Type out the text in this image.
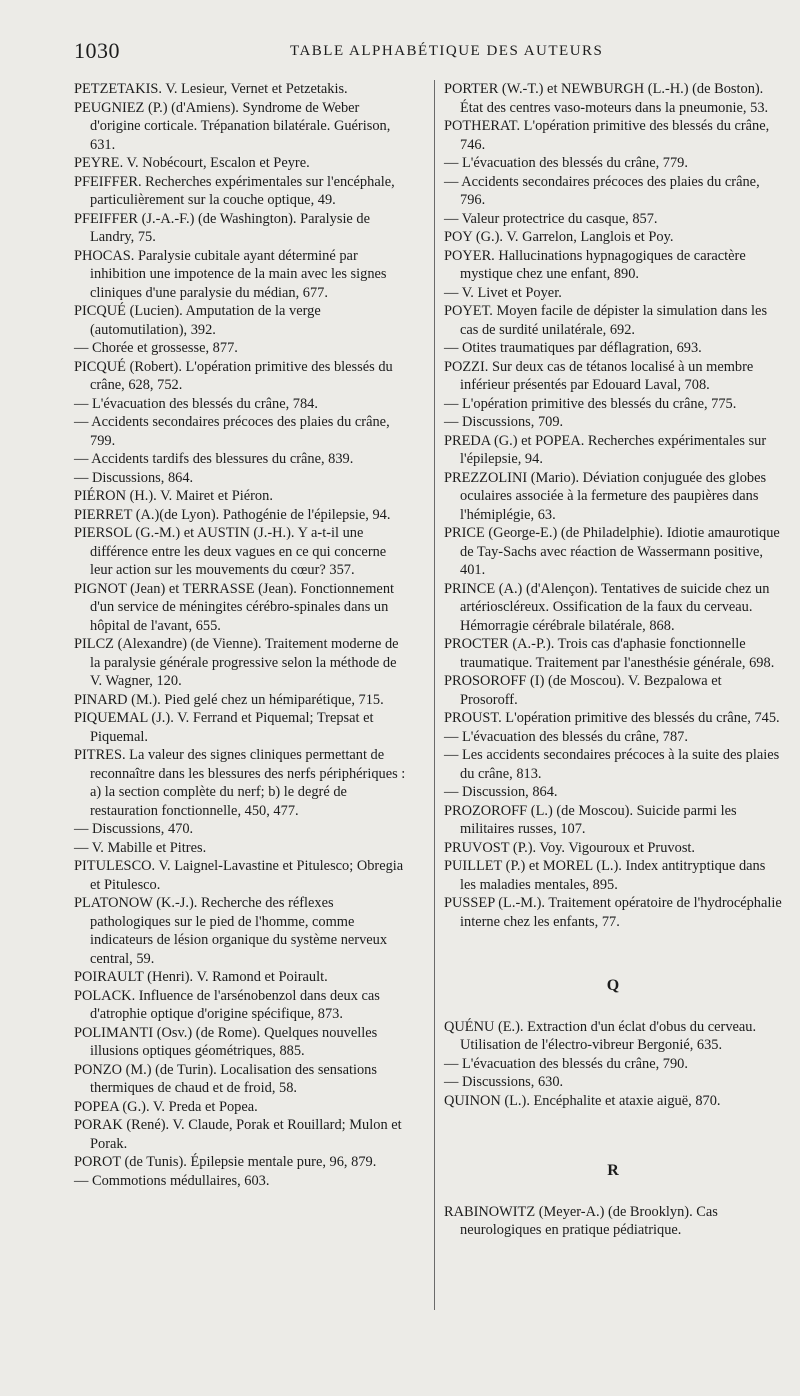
1030	TABLE ALPHABÉTIQUE DES AUTEURS

PETZETAKIS. V. Lesieur, Vernet et Petzetakis.

PEUGNIEZ (P.) (d'Amiens). Syndrome de Weber d'origine corticale. Trépanation bilatérale. Guérison, 631.

PEYRE. V. Nobécourt, Escalon et Peyre.

PFEIFFER. Recherches expérimentales sur l'encéphale, particulièrement sur la couche optique, 49.

PFEIFFER (J.-A.-F.) (de Washington). Paralysie de Landry, 75.

PHOCAS. Paralysie cubitale ayant déterminé par inhibition une impotence de la main avec les signes cliniques d'une paralysie du médian, 677.

PICQUÉ (Lucien). Amputation de la verge (automutilation), 392.

— Chorée et grossesse, 877.

PICQUÉ (Robert). L'opération primitive des blessés du crâne, 628, 752.

— L'évacuation des blessés du crâne, 784.

— Accidents secondaires précoces des plaies du crâne, 799.

— Accidents tardifs des blessures du crâne, 839.

— Discussions, 864.

PIÉRON (H.). V. Mairet et Piéron.

PIERRET (A.)(de Lyon). Pathogénie de l'épilepsie, 94.

PIERSOL (G.-M.) et AUSTIN (J.-H.). Y a-t-il une différence entre les deux vagues en ce qui concerne leur action sur les mouvements du cœur? 357.

PIGNOT (Jean) et TERRASSE (Jean). Fonctionnement d'un service de méningites cérébro-spinales dans un hôpital de l'avant, 655.

PILCZ (Alexandre) (de Vienne). Traitement moderne de la paralysie générale progressive selon la méthode de V. Wagner, 120.

PINARD (M.). Pied gelé chez un hémiparétique, 715.

PIQUEMAL (J.). V. Ferrand et Piquemal; Trepsat et Piquemal.

PITRES. La valeur des signes cliniques permettant de reconnaître dans les blessures des nerfs périphériques : a) la section complète du nerf; b) le degré de restauration fonctionnelle, 450, 477.

— Discussions, 470.

— V. Mabille et Pitres.

PITULESCO. V. Laignel-Lavastine et Pitulesco; Obregia et Pitulesco.

PLATONOW (K.-J.). Recherche des réflexes pathologiques sur le pied de l'homme, comme indicateurs de lésion organique du système nerveux central, 59.

POIRAULT (Henri). V. Ramond et Poirault.

POLACK. Influence de l'arsénobenzol dans deux cas d'atrophie optique d'origine spécifique, 873.

POLIMANTI (Osv.) (de Rome). Quelques nouvelles illusions optiques géométriques, 885.

PONZO (M.) (de Turin). Localisation des sensations thermiques de chaud et de froid, 58.

POPEA (G.). V. Preda et Popea.

PORAK (René). V. Claude, Porak et Rouillard; Mulon et Porak.

POROT (de Tunis). Épilepsie mentale pure, 96, 879.

— Commotions médullaires, 603.

PORTER (W.-T.) et NEWBURGH (L.-H.) (de Boston). État des centres vaso-moteurs dans la pneumonie, 53.

POTHERAT. L'opération primitive des blessés du crâne, 746.

— L'évacuation des blessés du crâne, 779.

— Accidents secondaires précoces des plaies du crâne, 796.

— Valeur protectrice du casque, 857.

POY (G.). V. Garrelon, Langlois et Poy.

POYER. Hallucinations hypnagogiques de caractère mystique chez une enfant, 890.

— V. Livet et Poyer.

POYET. Moyen facile de dépister la simulation dans les cas de surdité unilatérale, 692.

— Otites traumatiques par déflagration, 693.

POZZI. Sur deux cas de tétanos localisé à un membre inférieur présentés par Edouard Laval, 708.

— L'opération primitive des blessés du crâne, 775.

— Discussions, 709.

PREDA (G.) et POPEA. Recherches expérimentales sur l'épilepsie, 94.

PREZZOLINI (Mario). Déviation conjuguée des globes oculaires associée à la fermeture des paupières dans l'hémiplégie, 63.

PRICE (George-E.) (de Philadelphie). Idiotie amaurotique de Tay-Sachs avec réaction de Wassermann positive, 401.

PRINCE (A.) (d'Alençon). Tentatives de suicide chez un artériosclérеux. Ossification de la faux du cerveau. Hémorragie cérébrale bilatérale, 868.

PROCTER (A.-P.). Trois cas d'aphasie fonctionnelle traumatique. Traitement par l'anesthésie générale, 698.

PROSOROFF (I) (de Moscou). V. Bezpalowa et Prosoroff.

PROUST. L'opération primitive des blessés du crâne, 745.

— L'évacuation des blessés du crâne, 787.

— Les accidents secondaires précoces à la suite des plaies du crâne, 813.

— Discussion, 864.

PROZOROFF (L.) (de Moscou). Suicide parmi les militaires russes, 107.

PRUVOST (P.). Voy. Vigouroux et Pruvost.

PUILLET (P.) et MOREL (L.). Index antitryptique dans les maladies mentales, 895.

PUSSEP (L.-M.). Traitement opératoire de l'hydrocéphalie interne chez les enfants, 77.

Q

QUÉNU (E.). Extraction d'un éclat d'obus du cerveau. Utilisation de l'électro-vibreur Bergonié, 635.

— L'évacuation des blessés du crâne, 790.

— Discussions, 630.

QUINON (L.). Encéphalite et ataxie aiguë, 870.

R

RABINOWITZ (Meyer-A.) (de Brooklyn). Cas neurologiques en pratique pédiatrique.
